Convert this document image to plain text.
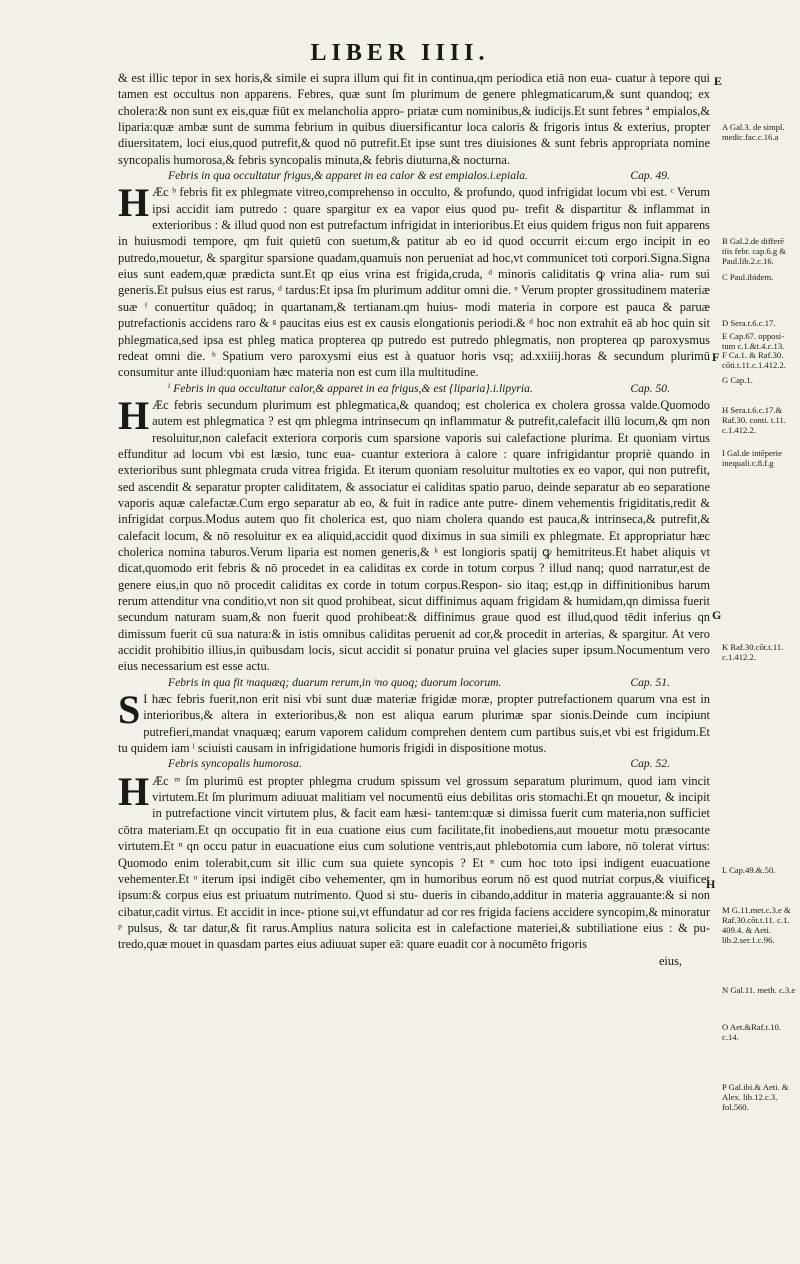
LIBER IIII.

& est illic tepor in sex horis,& simile ei supra illum qui fit in continua,qm periodica etiā non eua- cuatur à tepore qui tamen est occultus non apparens. Febres, quæ sunt ſm plurimum de genere phlegmaticarum,& sunt quandoq; ex cholera:& non sunt ex eis,quæ fiūt ex melancholia appro- priatæ cum nominibus,& iudicijs.Et sunt febres ª empialos,& liparia:quæ ambæ sunt de summa febrium in quibus diuersificantur loca caloris & frigoris intus & exterius, propter diuersitatem, loci eius,quod putrefit,& quod nō putrefit.Et ipse sunt tres diuisiones & sunt febris appropriata nomine syncopalis humorosa,& febris syncopalis minuta,& febris diuturna,& nocturna.

Febris in qua occultatur frigus,& apparet in ea calor & est empialos.i.epiala.	Cap. 49.

H Æc ᵇ febris fit ex phlegmate vitreo,comprehenso in occulto, & profundo, quod infrigidat locum vbi est. ᶜ Verum ipsi accidit iam putredo : quare spargitur ex ea vapor eius quod pu- trefit & dispartitur & inflammat in exterioribus : & illud quod non est putrefactum infrigidat in interioribus.Et eius quidem frigus non fuit apparens in huiusmodi tempore, qm fuit quietū con suetum,& patitur ab eo id quod occurrit ei:cum ergo incipit in eo putredo,mouetur, & spargitur sparsione quadam,quamuis non perueniat ad hoc,vt communicet toti corpori.Signa.Signa eius sunt eadem,quæ prædicta sunt.Et qp eius vrina est frigida,cruda, ᵈ minoris caliditatis ꝙ vrina alia- rum sui generis.Et pulsus eius est rarus, ᵈ tardus:Et ipsa ſm plurimum additur omni die. ᵉ Verum propter grossitudinem materiæ suæ ᶠ conuertitur quādoq; in quartanam,& tertianam.qm huius- modi materia in corpore est pauca & paruæ putrefactionis accidens raro & ᵍ paucitas eius est ex causis elongationis periodi.& ᵈ hoc non extrahit eā ab hoc quin sit phlegmatica,sed ipsa est phleg matica propterea qp putredo est putredo phlegmatis, non propterea qp paroxysmus redeat omni die. ʰ Spatium vero paroxysmi eius est à quatuor horis vsq; ad.xxiiij.horas & secundum plurimū consumitur ante illud:quoniam hæc materia non est cum illa multitudine.

ⁱ Febris in qua occultatur calor,& apparet in ea frigus,& est {liparia}.i.lipyria.	Cap. 50.

H Æc febris secundum plurimum est phlegmatica,& quandoq; est cholerica ex cholera grossa valde.Quomodo autem est phlegmatica ? est qm phlegma intrinsecum qn inflammatur & putrefit,calefacit illū locum,& qm non resoluitur,non calefacit exteriora corporis cum sparsione vaporis sui calefactione plurima. Et quoniam virtus effunditur ad locum vbi est læsio, tunc eua- cuantur exteriora à calore : quare infrigidantur propriè quando in exterioribus sunt phlegmata cruda vitrea frigida. Et iterum quoniam resoluitur multoties ex eo vapor, qui non putrefit, sed ascendit & separatur propter caliditatem, & associatur ei caliditas spatio paruo, deinde separatur ab eo separatione vaporis aquæ calefactæ.Cum ergo separatur ab eo, & fuit in radice ante putre- dinem vehementis frigiditatis,redit & infrigidat corpus.Modus autem quo fit cholerica est, quo niam cholera quando est pauca,& intrinseca,& putrefit,& calefacit locum, & nō resoluitur ex ea aliquid,accidit quod diximus in sua simili ex phlegmate. Et appropriatur hæc cholerica nomina taburos.Verum liparia est nomen generis,& ᵏ est longioris spatij ꝙ hemitriteus.Et habet aliquis vt dicat,quomodo erit febris & nō procedet in ea caliditas ex corde in totum corpus ? illud nanq; quod narratur,est de genere eius,in quo nō procedit caliditas ex corde in totum corpus.Respon- sio itaq; est,qp in diffinitionibus harum rerum attenditur vna conditio,vt non sit quod prohibeat, sicut diffinimus aquam frigidam & humidam,qn dimissa fuerit secundum naturam suam,& non fuerit quod prohibeat:& diffinimus graue quod est illud,quod tēdit inferius qn dimissum fuerit cū sua natura:& in istis omnibus caliditas peruenit ad cor,& procedit in arterias, & spargitur. At vero accidit prohibitio illius,in quibusdam locis, sicut accidit si ponatur pruina vel glacies super ipsum.Nocumentum vero eius necessarium est esse actu.

Febris in qua fit ᵞnaquæq; duarum rerum,in ᵞno quoq; duorum locorum.	Cap. 51.

S I hæc febris fuerit,non erit nisi vbi sunt duæ materiæ frigidæ moræ, propter putrefactionem quarum vna est in interioribus,& altera in exterioribus,& non est aliqua earum plurimæ spar sionis.Deinde cum incipiunt putrefieri,mandat vnaquæq; earum vaporem calidum comprehen dentem cum partibus suis,et vbi est frigidum.Et tu quidem iam ˡ sciuisti causam in infrigidatione humoris frigidi in dispositione motus.

Febris syncopalis humorosa.	Cap. 52.

H Æc ᵐ ſm plurimū est propter phlegma crudum spissum vel grossum separatum plurimum, quod iam vincit virtutem.Et ſm plurimum adiuuat malitiam vel nocumentū eius debilitas oris stomachi.Et qn mouetur, & incipit in putrefactione vincit virtutem plus, & facit eam hæsi- tantem:quæ si dimissa fuerit cum materia,non sufficiet cōtra materiam.Et qn occupatio fit in eua cuatione eius cum facilitate,fit inobediens,aut mouetur motu præsocante virtutem.Et ⁿ qn occu patur in euacuatione eius cum solutione ventris,aut phlebotomia cum labore, nō tolerat virtus: Quomodo enim tolerabit,cum sit illic cum sua quiete syncopis ? Et ⁿ cum hoc toto ipsi indigent euacuatione vehementer.Et ᵒ iterum ipsi indigēt cibo vehementer, qm in humoribus eorum nō est quod nutriat corpus,& viuificet ipsum:& corpus eius est priuatum nutrimento. Quod si stu- dueris in cibando,additur in materia aggrauante:& si non cibatur,cadit virtus. Et accidit in ince- ptione sui,vt effundatur ad cor res frigida faciens accidere syncopim,& minoratur ᵖ pulsus, & tar datur,& fit rarus.Amplius natura solicita est in calefactione materiei,& subtiliatione eius : & pu- tredo,quæ mouet in quasdam partes eius adiuuat super eā: quare euadit cor à nocumēto frigoris

eius,

A Gal.3. de simpl. medic.fac.c.16.a
B Gal.2.de differē tiis febr. cap.6.g & Paul.lib.2.c.16.
C Paul.ibidem.
D Sera.t.6.c.17.
E Cap.67. opposi- tum c.1.&t.4.c.13.
F Ca.1. & Raf.30. cōti.t.11.c.1.412.2.
G Cap.1.
H Sera.t.6.c.17.& Raf.30. conti. t.11. c.1.412.2.
I Gal.de intēperie inequali.c.8.f.g
K Raf.30.cōt.t.11. c.1.412.2.
L Cap.49.&.50.
M G.11.met.c.3.e & Raf.30.cōt.t.11. c.1. 409.4. & Aeti. lib.2.ser.1.c.96.
N Gal.11. meth. c.3.e
O Aet.&Raf.t.10. c.14.
P Gal.ibi.& Aeti. & Alex. lib.12.c.3. fol.560.
E
F
G
H
